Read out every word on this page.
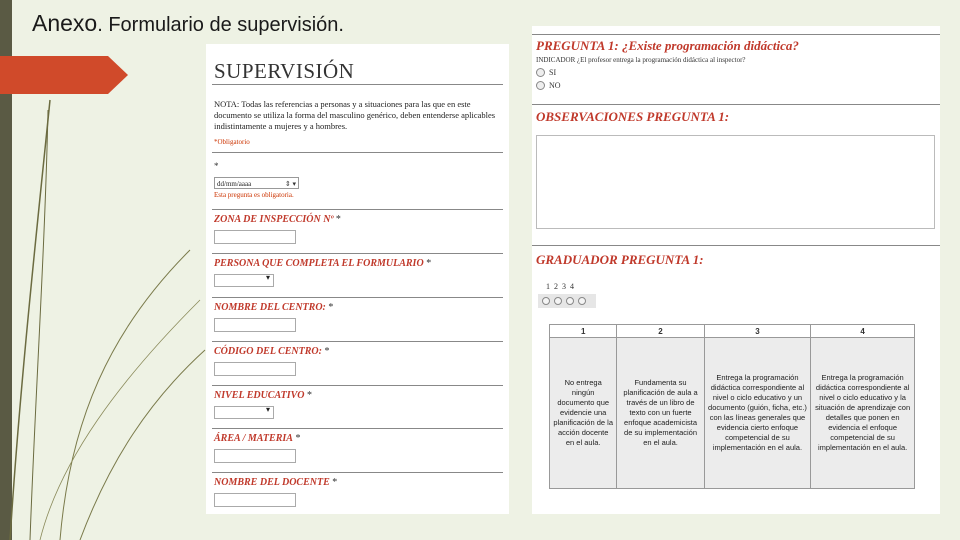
Anexo. Formulario de supervisión.
SUPERVISIÓN
NOTA: Todas las referencias a personas y a situaciones para las que en este documento se utiliza la forma del masculino genérico, deben entenderse aplicables indistintamente a mujeres y a hombres.
*Obligatorio
*
dd/mm/aaaa	⇕ ▾
Esta pregunta es obligatoria.
ZONA DE INSPECCIÓN Nº *
PERSONA QUE COMPLETA EL FORMULARIO *
▾
NOMBRE DEL CENTRO: *
CÓDIGO DEL CENTRO: *
NIVEL EDUCATIVO *
▾
ÁREA / MATERIA *
NOMBRE DEL DOCENTE *
PREGUNTA 1: ¿Existe programación didáctica?
INDICADOR ¿El profesor entrega la programación didáctica al inspector?
SI
NO
OBSERVACIONES PREGUNTA 1:
GRADUADOR PREGUNTA 1:
1 2 3 4
1	2	3	4
No entrega ningún documento que evidencie una planificación de la acción docente en el aula.	Fundamenta su planificación de aula a través de un libro de texto con un fuerte enfoque academicista de su implementación en el aula.	Entrega la programación didáctica correspondiente al nivel o ciclo educativo y un documento (guión, ficha, etc.) con las líneas generales que evidencia cierto enfoque competencial de su implementación en el aula.	Entrega la programación didáctica correspondiente al nivel o ciclo educativo y la situación de aprendizaje con detalles que ponen en evidencia el enfoque competencial de su implementación en el aula.
